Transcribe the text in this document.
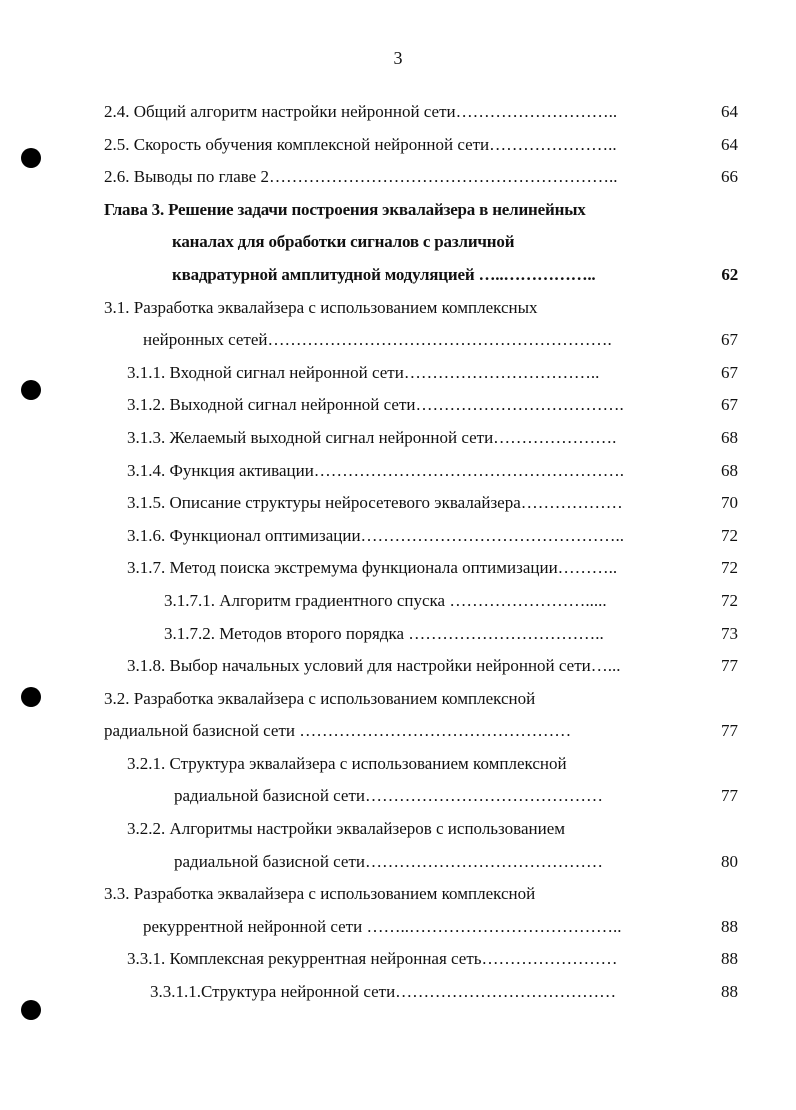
3
2.4. Общий алгоритм настройки нейронной сети………………………..	64
2.5. Скорость обучения комплексной нейронной сети…………………..	64
2.6. Выводы по главе 2……………………………………………………..	66
Глава 3. Решение задачи построения эквалайзера в нелинейных
каналах для обработки сигналов с различной
квадратурной амплитудной модуляцией …..……………..	62
3.1. Разработка эквалайзера с использованием комплексных
нейронных сетей…………………………………………………….	67
3.1.1. Входной сигнал нейронной сети……………………………..	67
3.1.2. Выходной сигнал нейронной сети……………………………….	67
3.1.3. Желаемый выходной сигнал нейронной сети………………….	68
3.1.4. Функция активации……………………………………………….	68
3.1.5. Описание структуры нейросетевого эквалайзера………………	70
3.1.6. Функционал оптимизации………………………………………..	72
3.1.7. Метод поиска экстремума функционала оптимизации………..	72
3.1.7.1. Алгоритм градиентного спуска …………………….....	72
3.1.7.2. Методов второго порядка ……………………………..	73
3.1.8. Выбор начальных условий для настройки нейронной сети…...	77
3.2. Разработка эквалайзера с использованием комплексной
радиальной базисной сети …………………………………………	77
3.2.1. Структура эквалайзера с использованием комплексной
радиальной базисной сети……………………………………	77
3.2.2. Алгоритмы настройки эквалайзеров с использованием
радиальной базисной сети……………………………………	80
3.3. Разработка эквалайзера с использованием комплексной
рекуррентной нейронной сети ……..………………………………..	88
3.3.1. Комплексная рекуррентная нейронная сеть……………………	88
3.3.1.1.Структура нейронной сети…………………………………	88
